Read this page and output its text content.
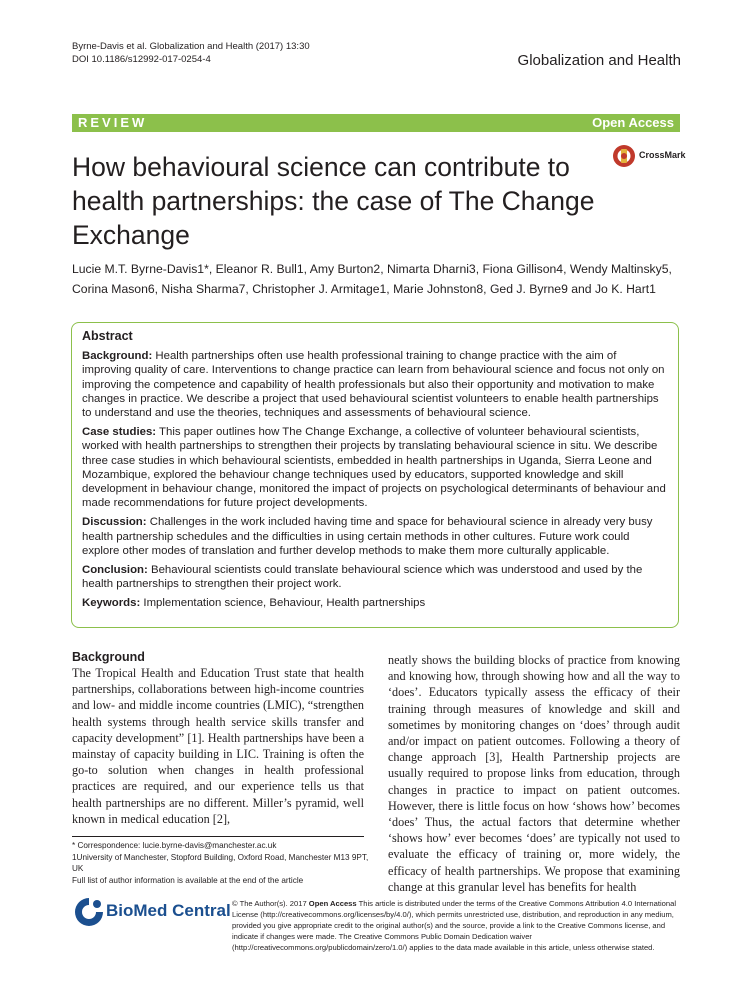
Byrne-Davis et al. Globalization and Health (2017) 13:30
DOI 10.1186/s12992-017-0254-4	Globalization and Health
REVIEW	Open Access
How behavioural science can contribute to health partnerships: the case of The Change Exchange
CrossMark
Lucie M.T. Byrne-Davis1*, Eleanor R. Bull1, Amy Burton2, Nimarta Dharni3, Fiona Gillison4, Wendy Maltinsky5, Corina Mason6, Nisha Sharma7, Christopher J. Armitage1, Marie Johnston8, Ged J. Byrne9 and Jo K. Hart1
Abstract

Background: Health partnerships often use health professional training to change practice with the aim of improving quality of care. Interventions to change practice can learn from behavioural science and focus not only on improving the competence and capability of health professionals but also their opportunity and motivation to make changes in practice. We describe a project that used behavioural scientist volunteers to enable health partnerships to understand and use the theories, techniques and assessments of behavioural science.

Case studies: This paper outlines how The Change Exchange, a collective of volunteer behavioural scientists, worked with health partnerships to strengthen their projects by translating behavioural science in situ. We describe three case studies in which behavioural scientists, embedded in health partnerships in Uganda, Sierra Leone and Mozambique, explored the behaviour change techniques used by educators, supported knowledge and skill development in behaviour change, monitored the impact of projects on psychological determinants of behaviour and made recommendations for future project developments.

Discussion: Challenges in the work included having time and space for behavioural science in already very busy health partnership schedules and the difficulties in using certain methods in other cultures. Future work could explore other modes of translation and further develop methods to make them more culturally applicable.

Conclusion: Behavioural scientists could translate behavioural science which was understood and used by the health partnerships to strengthen their project work.

Keywords: Implementation science, Behaviour, Health partnerships

Background

The Tropical Health and Education Trust state that health partnerships, collaborations between high-income countries and low- and middle income countries (LMIC), “strengthen health systems through health service skills transfer and capacity development” [1]. Health partnerships have been a mainstay of capacity building in LIC. Training is often the go-to solution when changes in health professional practices are required, and our experience tells us that health partnerships are no different. Miller’s pyramid, well known in medical education [2],

neatly shows the building blocks of practice from knowing and knowing how, through showing how and all the way to ‘does’. Educators typically assess the efficacy of their training through measures of knowledge and skill and sometimes by monitoring changes on ‘does’ through audit and/or impact on patient outcomes. Following a theory of change approach [3], Health Partnership projects are usually required to propose links from education, through changes in practice to impact on patient outcomes. However, there is little focus on how ‘shows how’ becomes ‘does’ Thus, the actual factors that determine whether ‘shows how’ ever becomes ‘does’ are typically not used to evaluate the efficacy of training or, more widely, the efficacy of health partnerships. We propose that examining change at this granular level has benefits for health

* Correspondence: lucie.byrne-davis@manchester.ac.uk
1University of Manchester, Stopford Building, Oxford Road, Manchester M13 9PT, UK
Full list of author information is available at the end of the article
BioMed Central © The Author(s). 2017 Open Access This article is distributed under the terms of the Creative Commons Attribution 4.0 International License (http://creativecommons.org/licenses/by/4.0/), which permits unrestricted use, distribution, and reproduction in any medium, provided you give appropriate credit to the original author(s) and the source, provide a link to the Creative Commons license, and indicate if changes were made. The Creative Commons Public Domain Dedication waiver (http://creativecommons.org/publicdomain/zero/1.0/) applies to the data made available in this article, unless otherwise stated.
